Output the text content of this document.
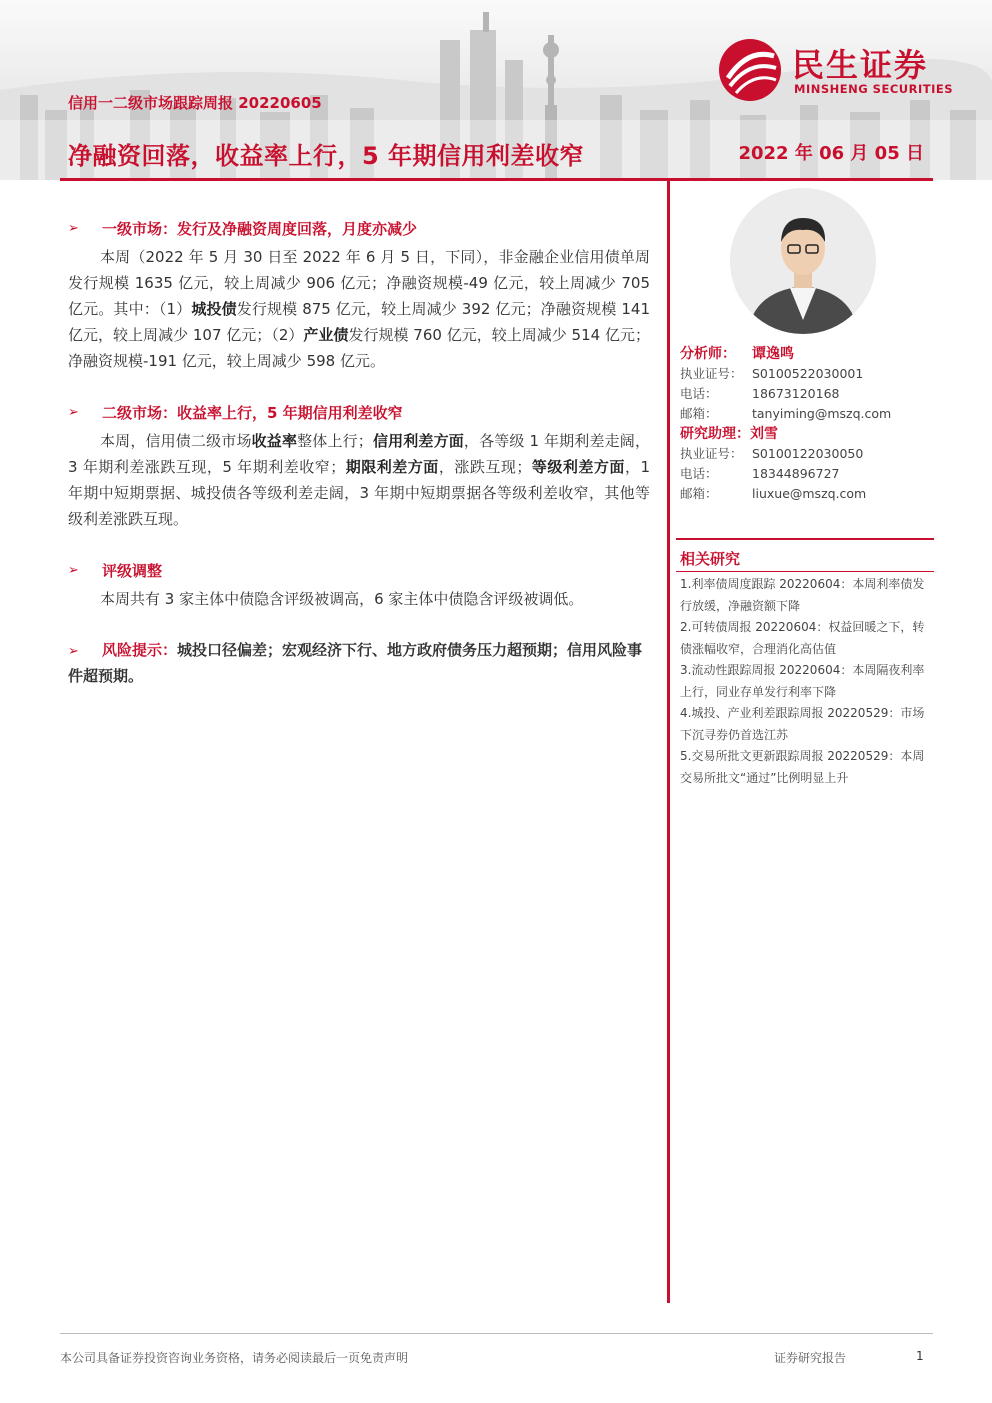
民生证券
MINSHENG SECURITIES
信用一二级市场跟踪周报 20220605
净融资回落，收益率上行，5 年期信用利差收窄	2022 年 06 月 05 日
➢ 一级市场：发行及净融资周度回落，月度亦减少

本周（2022 年 5 月 30 日至 2022 年 6 月 5 日，下同），非金融企业信用债单周发行规模 1635 亿元，较上周减少 906 亿元；净融资规模-49 亿元，较上周减少 705 亿元。其中：（1）城投债发行规模 875 亿元，较上周减少 392 亿元；净融资规模 141 亿元，较上周减少 107 亿元；（2）产业债发行规模 760 亿元，较上周减少 514 亿元；净融资规模-191 亿元，较上周减少 598 亿元。

➢ 二级市场：收益率上行，5 年期信用利差收窄

本周，信用债二级市场收益率整体上行；信用利差方面，各等级 1 年期利差走阔，3 年期利差涨跌互现，5 年期利差收窄；期限利差方面，涨跌互现；等级利差方面，1 年期中短期票据、城投债各等级利差走阔，3 年期中短期票据各等级利差收窄，其他等级利差涨跌互现。

➢ 评级调整

本周共有 3 家主体中债隐含评级被调高，6 家主体中债隐含评级被调低。

➢ 风险提示：城投口径偏差；宏观经济下行、地方政府债务压力超预期；信用风险事件超预期。
分析师：	谭逸鸣
执业证号： S0100522030001
电话：	18673120168
邮箱：	tanyiming@mszq.com
研究助理： 刘雪
执业证号： S0100122030050
电话：	18344896727
邮箱：	liuxue@mszq.com
相关研究
1.利率债周度跟踪 20220604：本周利率债发行放缓，净融资额下降
2.可转债周报 20220604：权益回暖之下，转债涨幅收窄，合理消化高估值
3.流动性跟踪周报 20220604：本周隔夜利率上行，同业存单发行利率下降
4.城投、产业利差跟踪周报 20220529：市场下沉寻券仍首选江苏
5.交易所批文更新跟踪周报 20220529：本周交易所批文“通过”比例明显上升
本公司具备证券投资咨询业务资格，请务必阅读最后一页免责声明	证券研究报告	1
